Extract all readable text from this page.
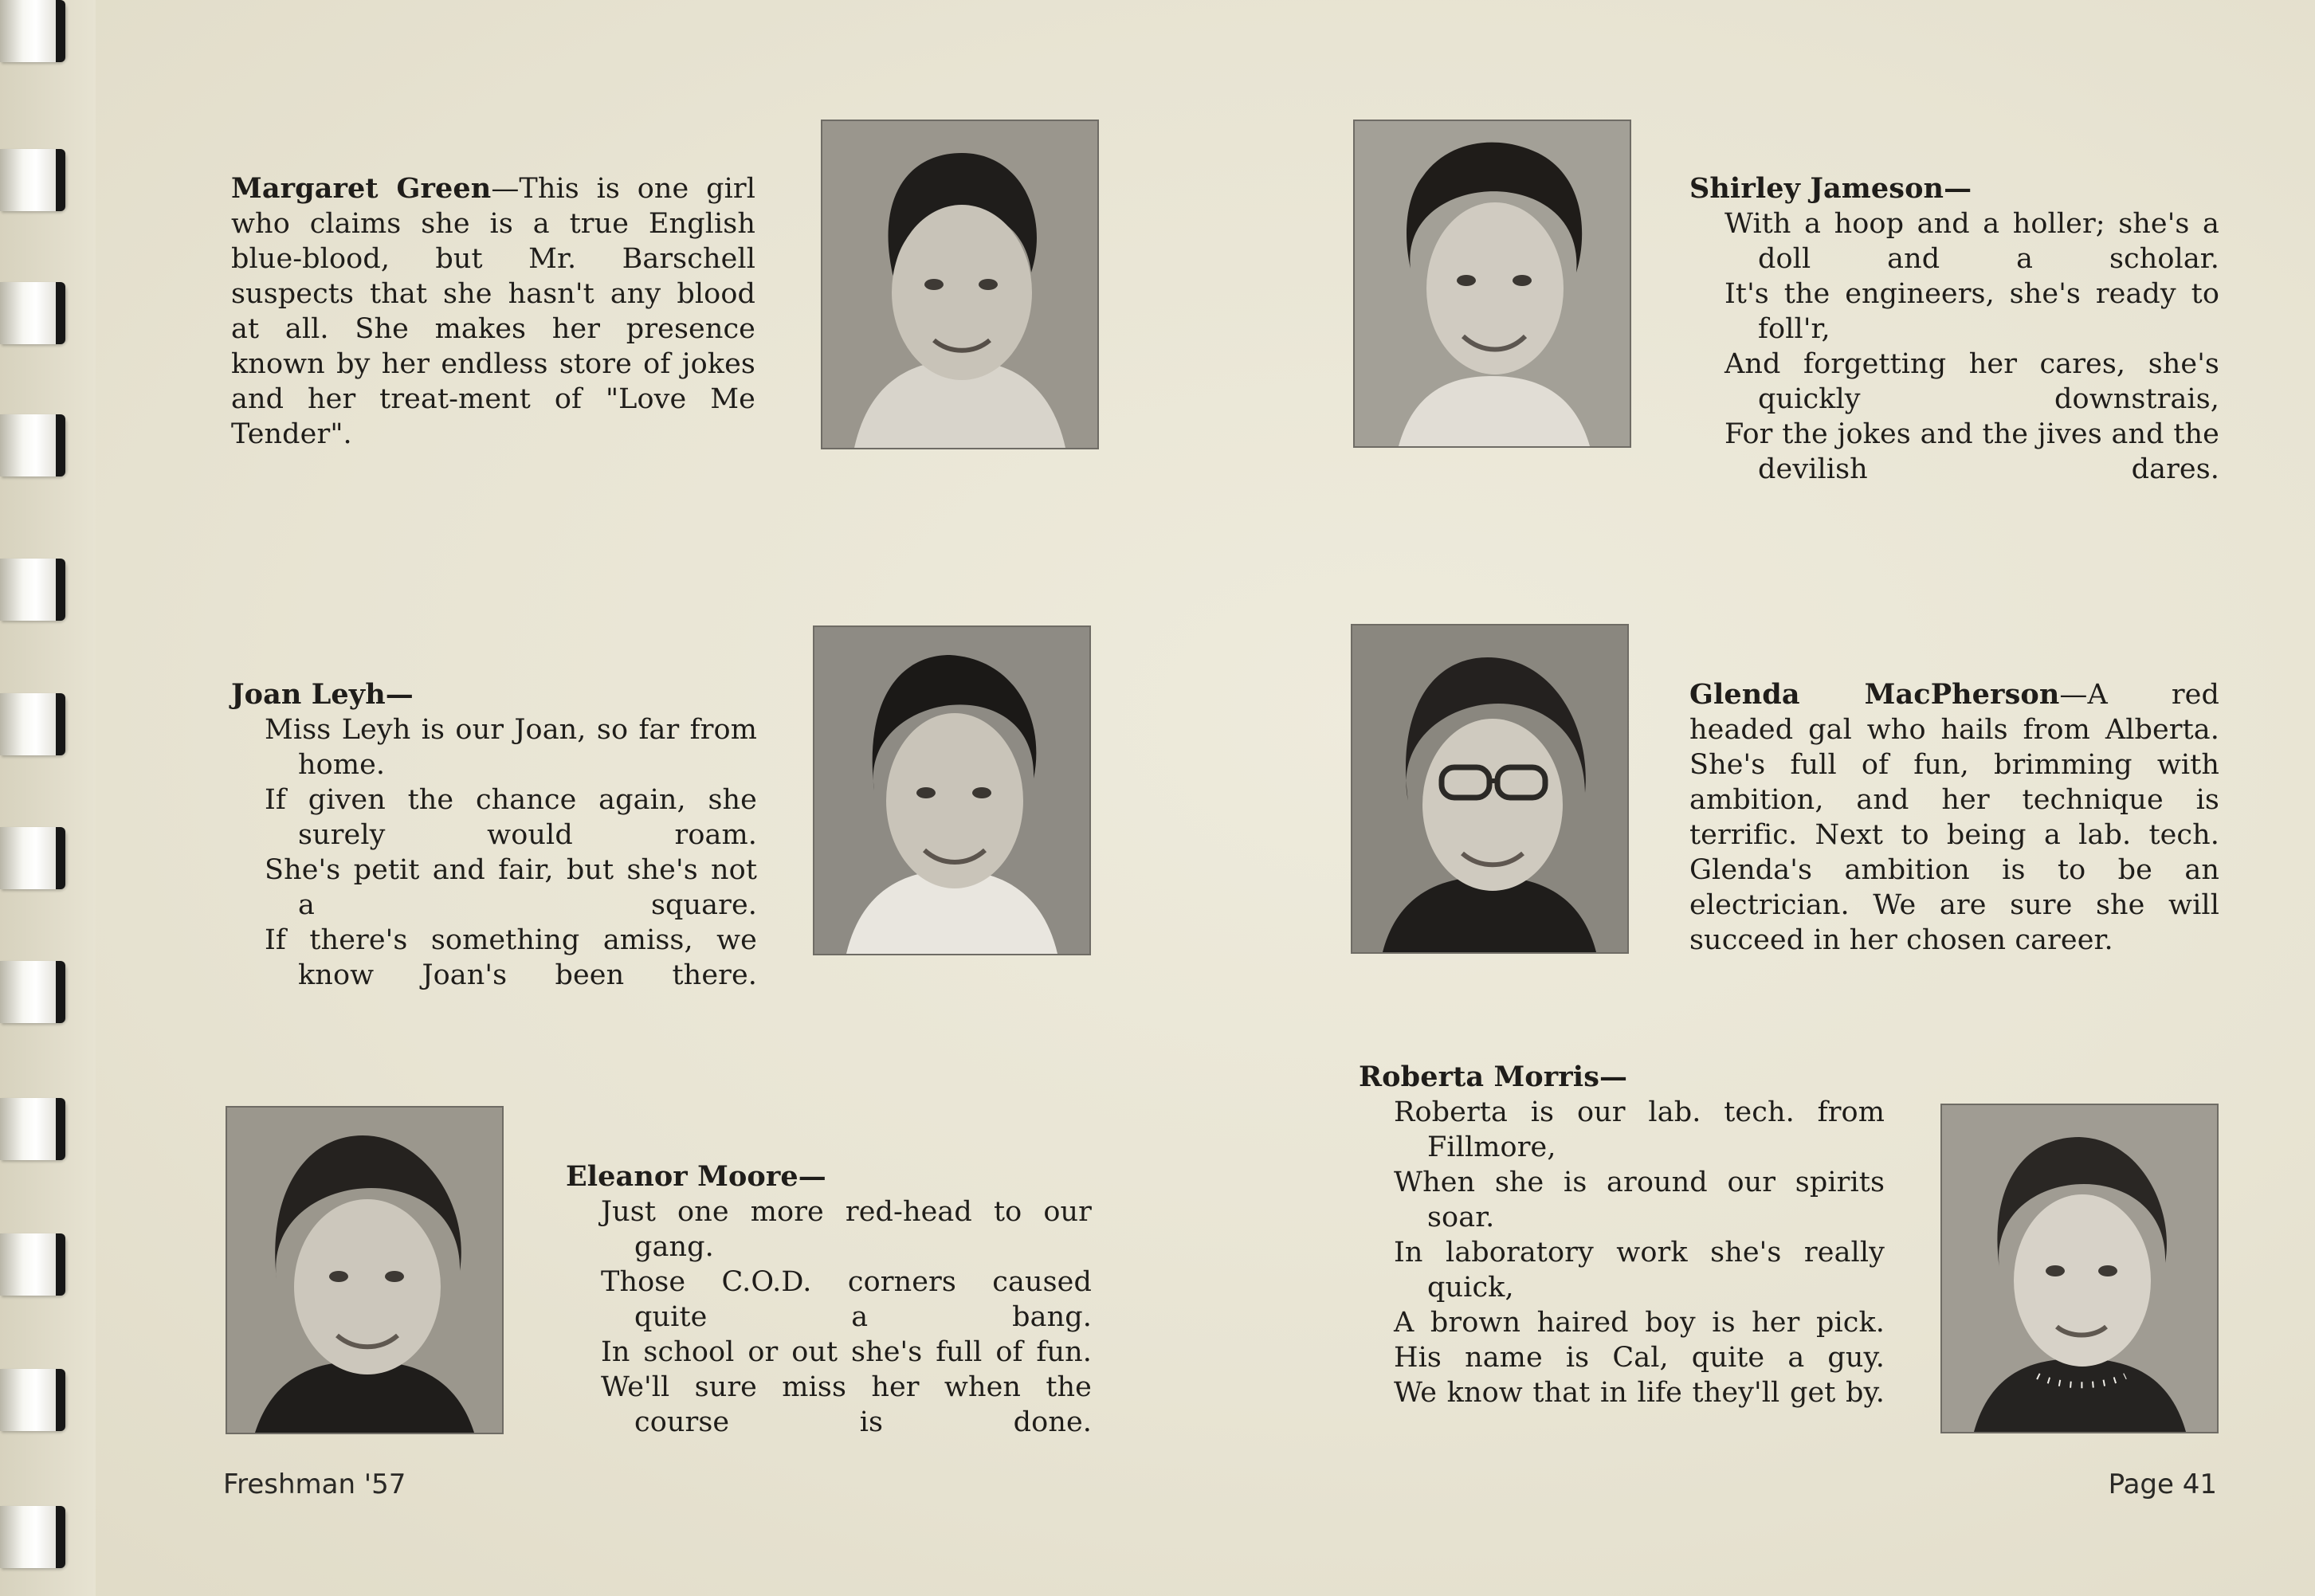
Margaret Green—This is one girl who claims she is a true English blue-blood, but Mr. Barschell suspects that she hasn't any blood at all. She makes her presence known by her endless store of jokes and her treat-ment of "Love Me Tender".
Shirley Jameson—

With a hoop and a holler; she's a doll and a scholar.

It's the engineers, she's ready to foll'r,

And forgetting her cares, she's quickly downstrais,

For the jokes and the jives and the devilish dares.

Joan Leyh—

Miss Leyh is our Joan, so far from home.

If given the chance again, she surely would roam.

She's petit and fair, but she's not a square.

If there's something amiss, we know Joan's been there.

Glenda MacPherson—A red headed gal who hails from Alberta. She's full of fun, brimming with ambition, and her technique is terrific. Next to being a lab. tech. Glenda's ambition is to be an electrician. We are sure she will succeed in her chosen career.
Eleanor Moore—

Just one more red-head to our gang.

Those C.O.D. corners caused quite a bang.

In school or out she's full of fun.

We'll sure miss her when the course is done.

Roberta Morris—

Roberta is our lab. tech. from Fillmore,

When she is around our spirits soar.

In laboratory work she's really quick,

A brown haired boy is her pick.

His name is Cal, quite a guy.

We know that in life they'll get by.

Freshman '57	Page 41
